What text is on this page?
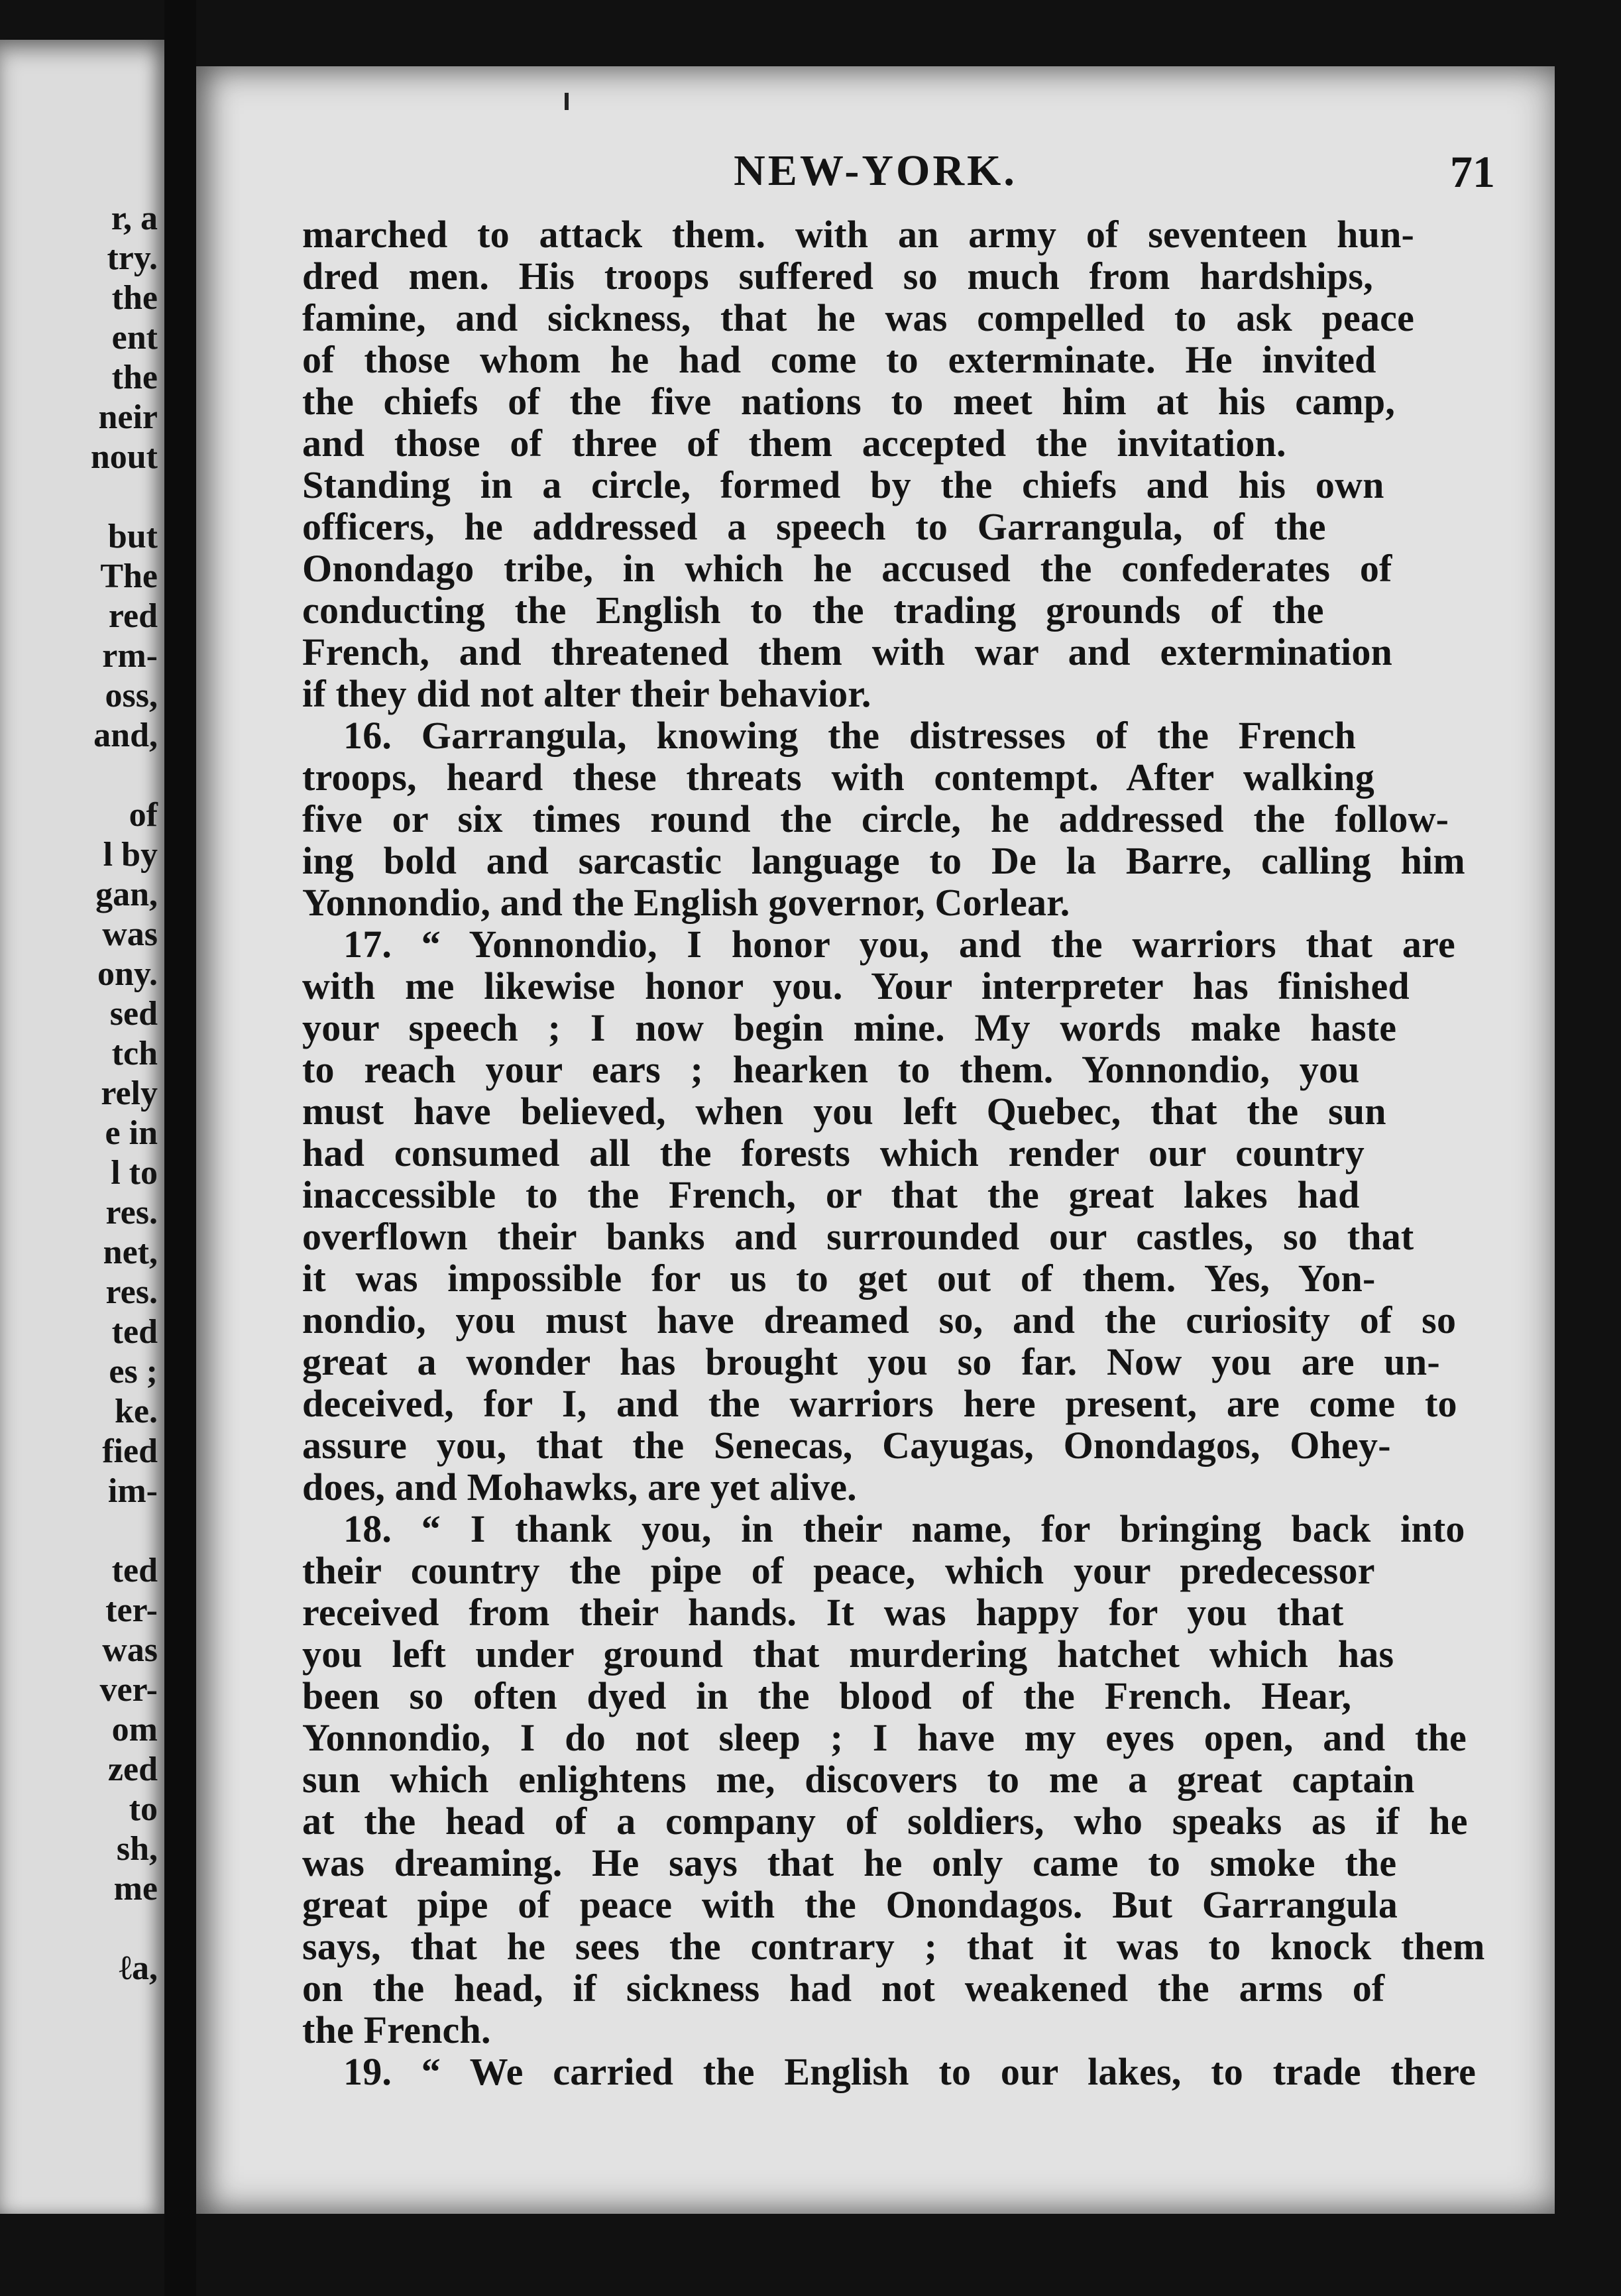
r, a
try.
the
ent
the
neir
nout
but
The
red
rm-
oss,
and,
of
l by
gan,
was
ony.
sed
tch
rely
e in
l to
res.
net,
res.
ted
es ;
ke.
fied
im-
ted
ter-
was
ver-
om
zed
to
sh,
me
ℓa,
NEW-YORK.	71
marched to attack them. with an army of seventeen hun-
dred men. His troops suffered so much from hardships,
famine, and sickness, that he was compelled to ask peace
of those whom he had come to exterminate. He invited
the chiefs of the five nations to meet him at his camp,
and those of three of them accepted the invitation.
Standing in a circle, formed by the chiefs and his own
officers, he addressed a speech to Garrangula, of the
Onondago tribe, in which he accused the confederates of
conducting the English to the trading grounds of the
French, and threatened them with war and extermination
if they did not alter their behavior.
16. Garrangula, knowing the distresses of the French
troops, heard these threats with contempt. After walking
five or six times round the circle, he addressed the follow-
ing bold and sarcastic language to De la Barre, calling him
Yonnondio, and the English governor, Corlear.
17. “ Yonnondio, I honor you, and the warriors that are
with me likewise honor you. Your interpreter has finished
your speech ; I now begin mine. My words make haste
to reach your ears ; hearken to them. Yonnondio, you
must have believed, when you left Quebec, that the sun
had consumed all the forests which render our country
inaccessible to the French, or that the great lakes had
overflown their banks and surrounded our castles, so that
it was impossible for us to get out of them. Yes, Yon-
nondio, you must have dreamed so, and the curiosity of so
great a wonder has brought you so far. Now you are un-
deceived, for I, and the warriors here present, are come to
assure you, that the Senecas, Cayugas, Onondagos, Ohey-
does, and Mohawks, are yet alive.
18. “ I thank you, in their name, for bringing back into
their country the pipe of peace, which your predecessor
received from their hands. It was happy for you that
you left under ground that murdering hatchet which has
been so often dyed in the blood of the French. Hear,
Yonnondio, I do not sleep ; I have my eyes open, and the
sun which enlightens me, discovers to me a great captain
at the head of a company of soldiers, who speaks as if he
was dreaming. He says that he only came to smoke the
great pipe of peace with the Onondagos. But Garrangula
says, that he sees the contrary ; that it was to knock them
on the head, if sickness had not weakened the arms of
the French.
19. “ We carried the English to our lakes, to trade there
